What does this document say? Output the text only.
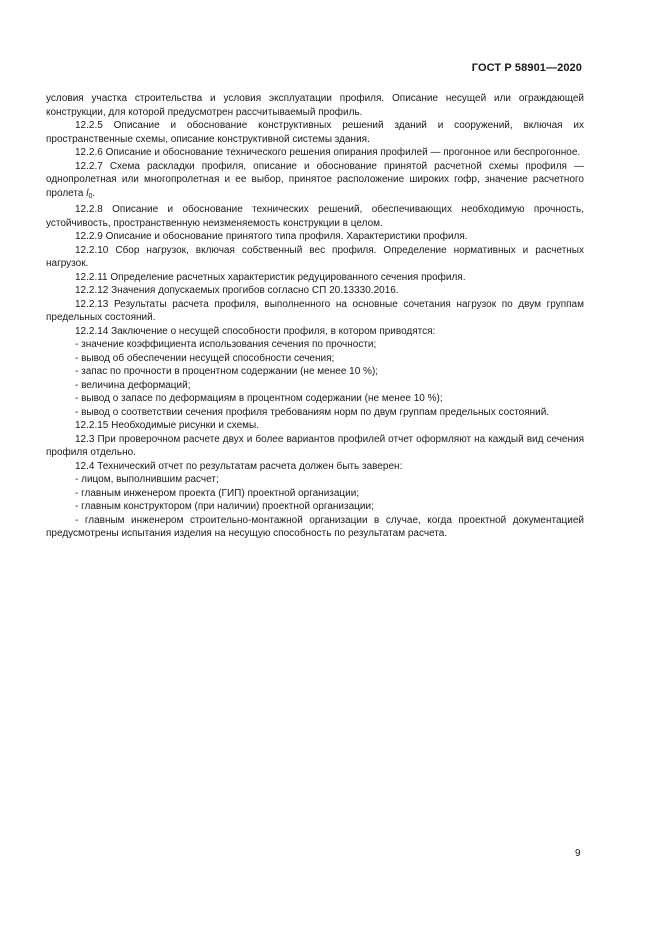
ГОСТ Р 58901—2020

условия участка строительства и условия эксплуатации профиля. Описание несущей или ограждающей конструкции, для которой предусмотрен рассчитываемый профиль.

12.2.5 Описание и обоснование конструктивных решений зданий и сооружений, включая их пространственные схемы, описание конструктивной системы здания.

12.2.6 Описание и обоснование технического решения опирания профилей — прогонное или беспрогонное.

12.2.7 Схема раскладки профиля, описание и обоснование принятой расчетной схемы профиля — однопролетная или многопролетная и ее выбор, принятое расположение широких гофр, значение расчетного пролета $l_0$.

12.2.8 Описание и обоснование технических решений, обеспечивающих необходимую прочность, устойчивость, пространственную неизменяемость конструкции в целом.

12.2.9 Описание и обоснование принятого типа профиля. Характеристики профиля.

12.2.10 Сбор нагрузок, включая собственный вес профиля. Определение нормативных и расчетных нагрузок.

12.2.11 Определение расчетных характеристик редуцированного сечения профиля.

12.2.12 Значения допускаемых прогибов согласно СП 20.13330.2016.

12.2.13 Результаты расчета профиля, выполненного на основные сочетания нагрузок по двум группам предельных состояний.

12.2.14 Заключение о несущей способности профиля, в котором приводятся:

- значение коэффициента использования сечения по прочности;

- вывод об обеспечении несущей способности сечения;

- запас по прочности в процентном содержании (не менее 10 %);

- величина деформаций;

- вывод о запасе по деформациям в процентном содержании (не менее 10 %);

- вывод о соответствии сечения профиля требованиям норм по двум группам предельных состояний.

12.2.15 Необходимые рисунки и схемы.

12.3 При проверочном расчете двух и более вариантов профилей отчет оформляют на каждый вид сечения профиля отдельно.

12.4 Технический отчет по результатам расчета должен быть заверен:

- лицом, выполнившим расчет;

- главным инженером проекта (ГИП) проектной организации;

- главным конструктором (при наличии) проектной организации;

- главным инженером строительно-монтажной организации в случае, когда проектной документацией предусмотрены испытания изделия на несущую способность по результатам расчета.

9
